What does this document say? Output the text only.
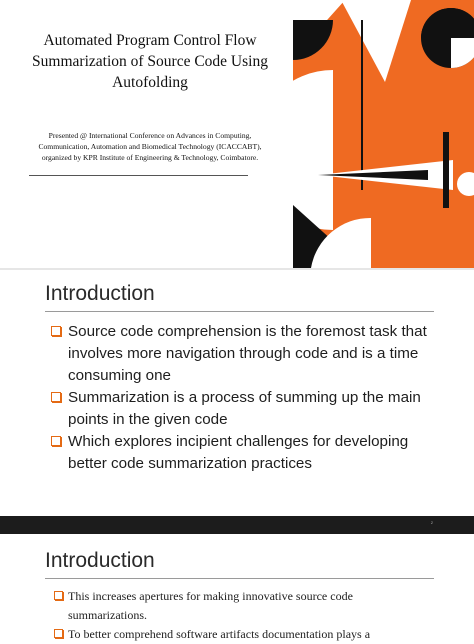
Automated Program Control Flow
Summarization of Source Code Using
Autofolding
Presented @ International Conference on Advances in Computing,
Communication, Automation and Biomedical Technology (ICACCABT),
organized by KPR Institute of Engineering & Technology, Coimbatore.
Introduction
Source code comprehension is the foremost task that
involves more navigation through code and is a time
consuming one
Summarization is a process of summing up the main
points in the given code
Which explores incipient challenges for developing
better code summarization practices
2
Introduction
This increases apertures for making innovative source code
summarizations.
To better comprehend software artifacts documentation plays a
